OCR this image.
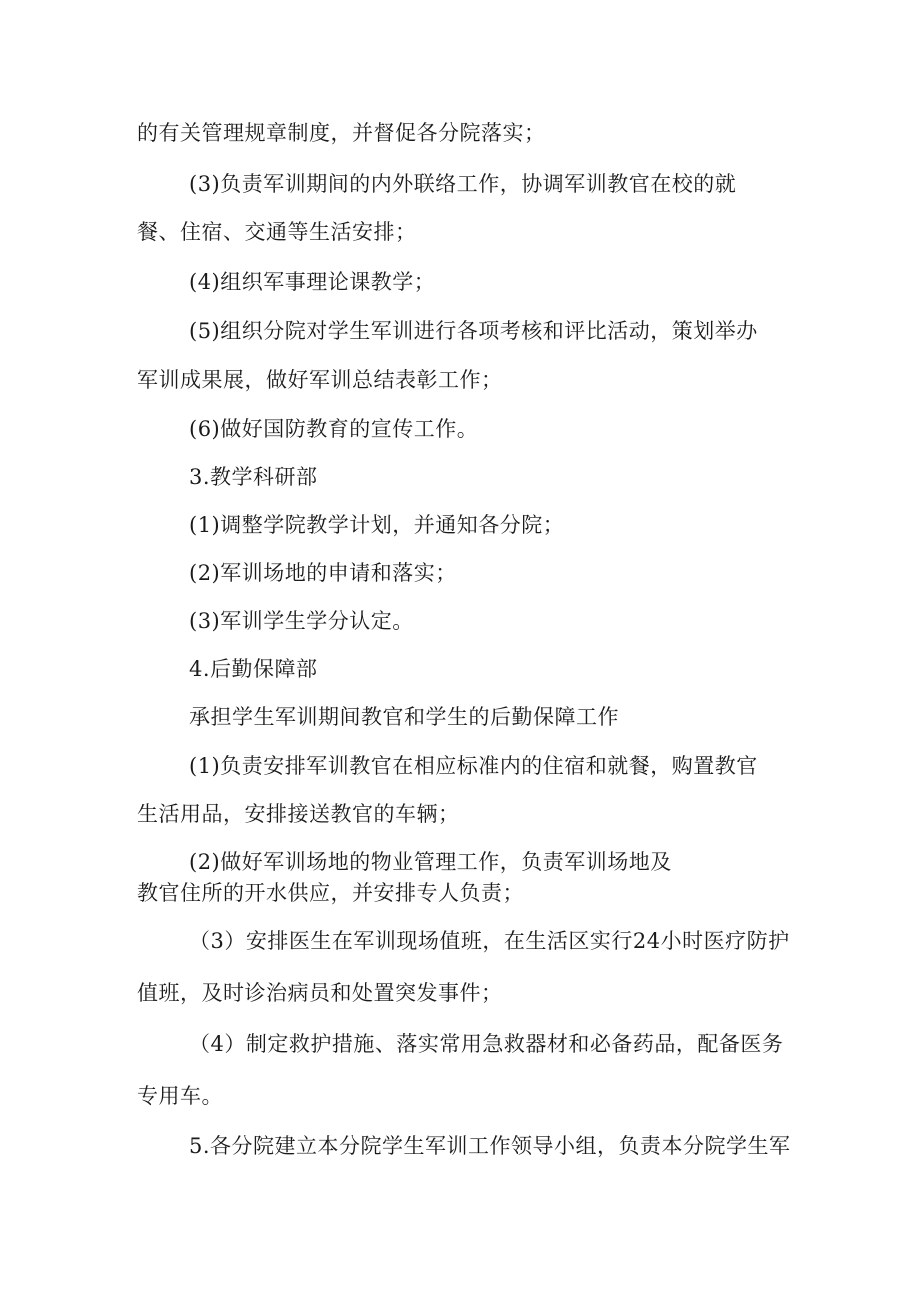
的有关管理规章制度，并督促各分院落实；
(3)负责军训期间的内外联络工作，协调军训教官在校的就
餐、住宿、交通等生活安排；
(4)组织军事理论课教学；
(5)组织分院对学生军训进行各项考核和评比活动，策划举办
军训成果展，做好军训总结表彰工作；
(6)做好国防教育的宣传工作。
3.教学科研部
(1)调整学院教学计划，并通知各分院；
(2)军训场地的申请和落实；
(3)军训学生学分认定。
4.后勤保障部
承担学生军训期间教官和学生的后勤保障工作
(1)负责安排军训教官在相应标准内的住宿和就餐，购置教官
生活用品，安排接送教官的车辆；
(2)做好军训场地的物业管理工作，负责军训场地及
教官住所的开水供应，并安排专人负责；
（3）安排医生在军训现场值班，在生活区实行24小时医疗防护
值班，及时诊治病员和处置突发事件；
（4）制定救护措施、落实常用急救器材和必备药品，配备医务
专用车。
5.各分院建立本分院学生军训工作领导小组，负责本分院学生军
